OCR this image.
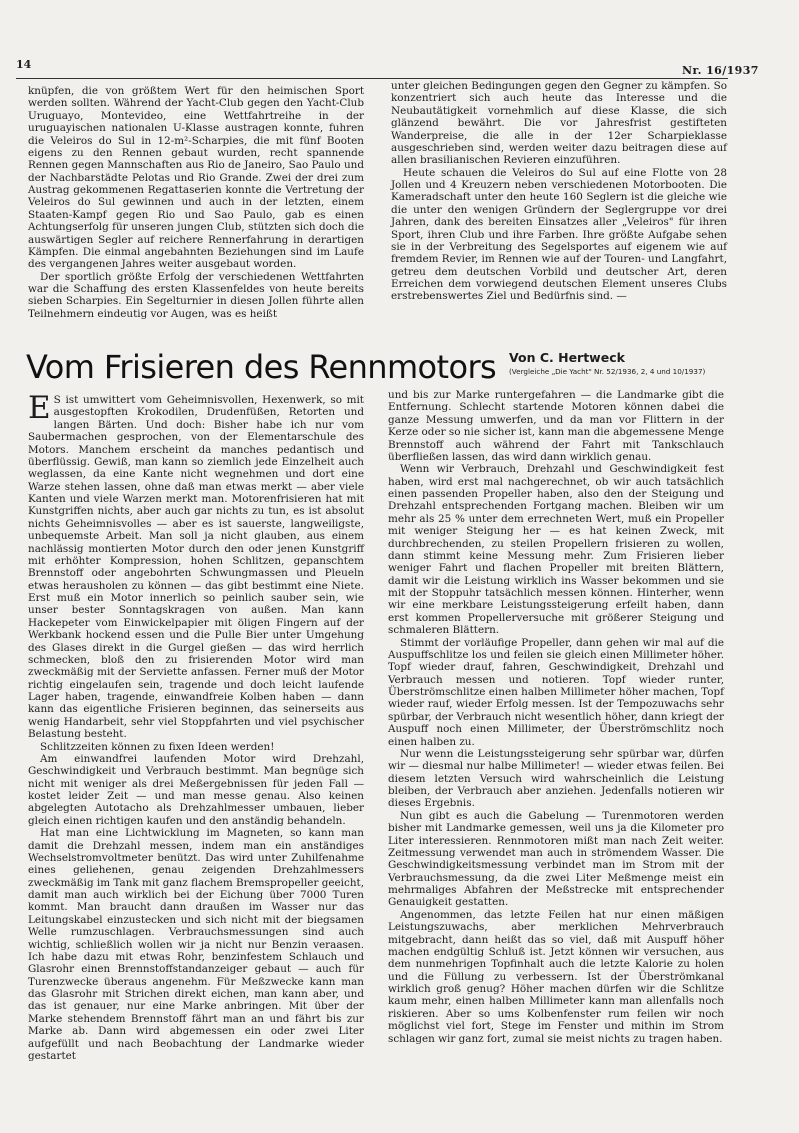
14	Nr. 16/1937

knüpfen, die von größtem Wert für den heimischen Sport werden sollten. Während der Yacht-Club gegen den Yacht-Club Uruguayo, Montevideo, eine Wettfahrtreihe in der uruguayischen nationalen U-Klasse austragen konnte, fuhren die Veleiros do Sul in 12-m²-Scharpies, die mit fünf Booten eigens zu den Rennen gebaut wurden, recht spannende Rennen gegen Mannschaften aus Rio de Janeiro, Sao Paulo und der Nachbarstädte Pelotas und Rio Grande. Zwei der drei zum Austrag gekommenen Regattaserien konnte die Vertretung der Veleiros do Sul gewinnen und auch in der letzten, einem Staaten-Kampf gegen Rio und Sao Paulo, gab es einen Achtungserfolg für unseren jungen Club, stützten sich doch die auswärtigen Segler auf reichere Rennerfahrung in derartigen Kämpfen. Die einmal angebahnten Beziehungen sind im Laufe des vergangenen Jahres weiter ausgebaut worden.

Der sportlich größte Erfolg der verschiedenen Wettfahrten war die Schaffung des ersten Klassenfeldes von heute bereits sieben Scharpies. Ein Segelturnier in diesen Jollen führte allen Teilnehmern eindeutig vor Augen, was es heißt

unter gleichen Bedingungen gegen den Gegner zu kämpfen. So konzentriert sich auch heute das Interesse und die Neubautätigkeit vornehmlich auf diese Klasse, die sich glänzend bewährt. Die vor Jahresfrist gestifteten Wanderpreise, die alle in der 12er Scharpieklasse ausgeschrieben sind, werden weiter dazu beitragen diese auf allen brasilianischen Revieren einzuführen.

Heute schauen die Veleiros do Sul auf eine Flotte von 28 Jollen und 4 Kreuzern neben verschiedenen Motorbooten. Die Kameradschaft unter den heute 160 Seglern ist die gleiche wie die unter den wenigen Gründern der Seglergruppe vor drei Jahren, dank des bereiten Einsatzes aller „Veleiros" für ihren Sport, ihren Club und ihre Farben. Ihre größte Aufgabe sehen sie in der Verbreitung des Segelsportes auf eigenem wie auf fremdem Revier, im Rennen wie auf der Touren- und Langfahrt, getreu dem deutschen Vorbild und deutscher Art, deren Erreichen dem vorwiegend deutschen Element unseres Clubs erstrebenswertes Ziel und Bedürfnis sind. —

Vom Frisieren des Rennmotors Von C. Hertweck
(Vergleiche „Die Yacht" Nr. 52/1936, 2, 4 und 10/1937)

E S ist umwittert vom Geheimnisvollen, Hexenwerk, so mit ausgestopften Krokodilen, Drudenfüßen, Retorten und langen Bärten. Und doch: Bisher habe ich nur vom Saubermachen gesprochen, von der Elementarschule des Motors. Manchem erscheint da manches pedantisch und überflüssig. Gewiß, man kann so ziemlich jede Einzelheit auch weglassen, da eine Kante nicht wegnehmen und dort eine Warze stehen lassen, ohne daß man etwas merkt — aber viele Kanten und viele Warzen merkt man. Motorenfrisieren hat mit Kunstgriffen nichts, aber auch gar nichts zu tun, es ist absolut nichts Geheimnisvolles — aber es ist sauerste, langweiligste, unbequemste Arbeit. Man soll ja nicht glauben, aus einem nachlässig montierten Motor durch den oder jenen Kunstgriff mit erhöhter Kompression, hohen Schlitzen, gepanschtem Brennstoff oder angebohrten Schwungmassen und Pleueln etwas herausholen zu können — das gibt bestimmt eine Niete. Erst muß ein Motor innerlich so peinlich sauber sein, wie unser bester Sonntagskragen von außen. Man kann Hackepeter vom Einwickelpapier mit öligen Fingern auf der Werkbank hockend essen und die Pulle Bier unter Umgehung des Glases direkt in die Gurgel gießen — das wird herrlich schmecken, bloß den zu frisierenden Motor wird man zweckmäßig mit der Serviette anfassen. Ferner muß der Motor richtig eingelaufen sein, tragende und doch leicht laufende Lager haben, tragende, einwandfreie Kolben haben — dann kann das eigentliche Frisieren beginnen, das seinerseits aus wenig Handarbeit, sehr viel Stoppfahrten und viel psychischer Belastung besteht.

Schlitzzeiten können zu fixen Ideen werden!

Am einwandfrei laufenden Motor wird Drehzahl, Geschwindigkeit und Verbrauch bestimmt. Man begnüge sich nicht mit weniger als drei Meßergebnissen für jeden Fall — kostet leider Zeit — und man messe genau. Also keinen abgelegten Autotacho als Drehzahlmesser umbauen, lieber gleich einen richtigen kaufen und den anständig behandeln.

Hat man eine Lichtwicklung im Magneten, so kann man damit die Drehzahl messen, indem man ein anständiges Wechselstromvoltmeter benützt. Das wird unter Zuhilfenahme eines geliehenen, genau zeigenden Drehzahlmessers zweckmäßig im Tank mit ganz flachem Bremspropeller geeicht, damit man auch wirklich bei der Eichung über 7000 Turen kommt. Man braucht dann draußen im Wasser nur das Leitungskabel einzustecken und sich nicht mit der biegsamen Welle rumzuschlagen. Verbrauchsmessungen sind auch wichtig, schließlich wollen wir ja nicht nur Benzin veraasen. Ich habe dazu mit etwas Rohr, benzinfestem Schlauch und Glasrohr einen Brennstoffstandanzeiger gebaut — auch für Turenzwecke überaus angenehm. Für Meßzwecke kann man das Glasrohr mit Strichen direkt eichen, man kann aber, und das ist genauer, nur eine Marke anbringen. Mit über der Marke stehendem Brennstoff fährt man an und fährt bis zur Marke ab. Dann wird abgemessen ein oder zwei Liter aufgefüllt und nach Beobachtung der Landmarke wieder gestartet

und bis zur Marke runtergefahren — die Landmarke gibt die Entfernung. Schlecht startende Motoren können dabei die ganze Messung umwerfen, und da man vor Flittern in der Kerze oder so nie sicher ist, kann man die abgemessene Menge Brennstoff auch während der Fahrt mit Tankschlauch überfließen lassen, das wird dann wirklich genau.

Wenn wir Verbrauch, Drehzahl und Geschwindigkeit fest haben, wird erst mal nachgerechnet, ob wir auch tatsächlich einen passenden Propeller haben, also den der Steigung und Drehzahl entsprechenden Fortgang machen. Bleiben wir um mehr als 25 % unter dem errechneten Wert, muß ein Propeller mit weniger Steigung her — es hat keinen Zweck, mit durchbrechenden, zu steilen Propellern frisieren zu wollen, dann stimmt keine Messung mehr. Zum Frisieren lieber weniger Fahrt und flachen Propeller mit breiten Blättern, damit wir die Leistung wirklich ins Wasser bekommen und sie mit der Stoppuhr tatsächlich messen können. Hinterher, wenn wir eine merkbare Leistungssteigerung erfeilt haben, dann erst kommen Propellerversuche mit größerer Steigung und schmaleren Blättern.

Stimmt der vorläufige Propeller, dann gehen wir mal auf die Auspuffschlitze los und feilen sie gleich einen Millimeter höher. Topf wieder drauf, fahren, Geschwindigkeit, Drehzahl und Verbrauch messen und notieren. Topf wieder runter, Überströmschlitze einen halben Millimeter höher machen, Topf wieder rauf, wieder Erfolg messen. Ist der Tempozuwachs sehr spürbar, der Verbrauch nicht wesentlich höher, dann kriegt der Auspuff noch einen Millimeter, der Überströmschlitz noch einen halben zu.

Nur wenn die Leistungssteigerung sehr spürbar war, dürfen wir — diesmal nur halbe Millimeter! — wieder etwas feilen. Bei diesem letzten Versuch wird wahrscheinlich die Leistung bleiben, der Verbrauch aber anziehen. Jedenfalls notieren wir dieses Ergebnis.

Nun gibt es auch die Gabelung — Turenmotoren werden bisher mit Landmarke gemessen, weil uns ja die Kilometer pro Liter interessieren. Rennmotoren mißt man nach Zeit weiter. Zeitmessung verwendet man auch in strömendem Wasser. Die Geschwindigkeitsmessung verbindet man im Strom mit der Verbrauchsmessung, da die zwei Liter Meßmenge meist ein mehrmaliges Abfahren der Meßstrecke mit entsprechender Genauigkeit gestatten.

Angenommen, das letzte Feilen hat nur einen mäßigen Leistungszuwachs, aber merklichen Mehrverbrauch mitgebracht, dann heißt das so viel, daß mit Auspuff höher machen endgültig Schluß ist. Jetzt können wir versuchen, aus dem nunmehrigen Topfinhalt auch die letzte Kalorie zu holen und die Füllung zu verbessern. Ist der Überströmkanal wirklich groß genug? Höher machen dürfen wir die Schlitze kaum mehr, einen halben Millimeter kann man allenfalls noch riskieren. Aber so ums Kolbenfenster rum feilen wir noch möglichst viel fort, Stege im Fenster und mithin im Strom schlagen wir ganz fort, zumal sie meist nichts zu tragen haben.
